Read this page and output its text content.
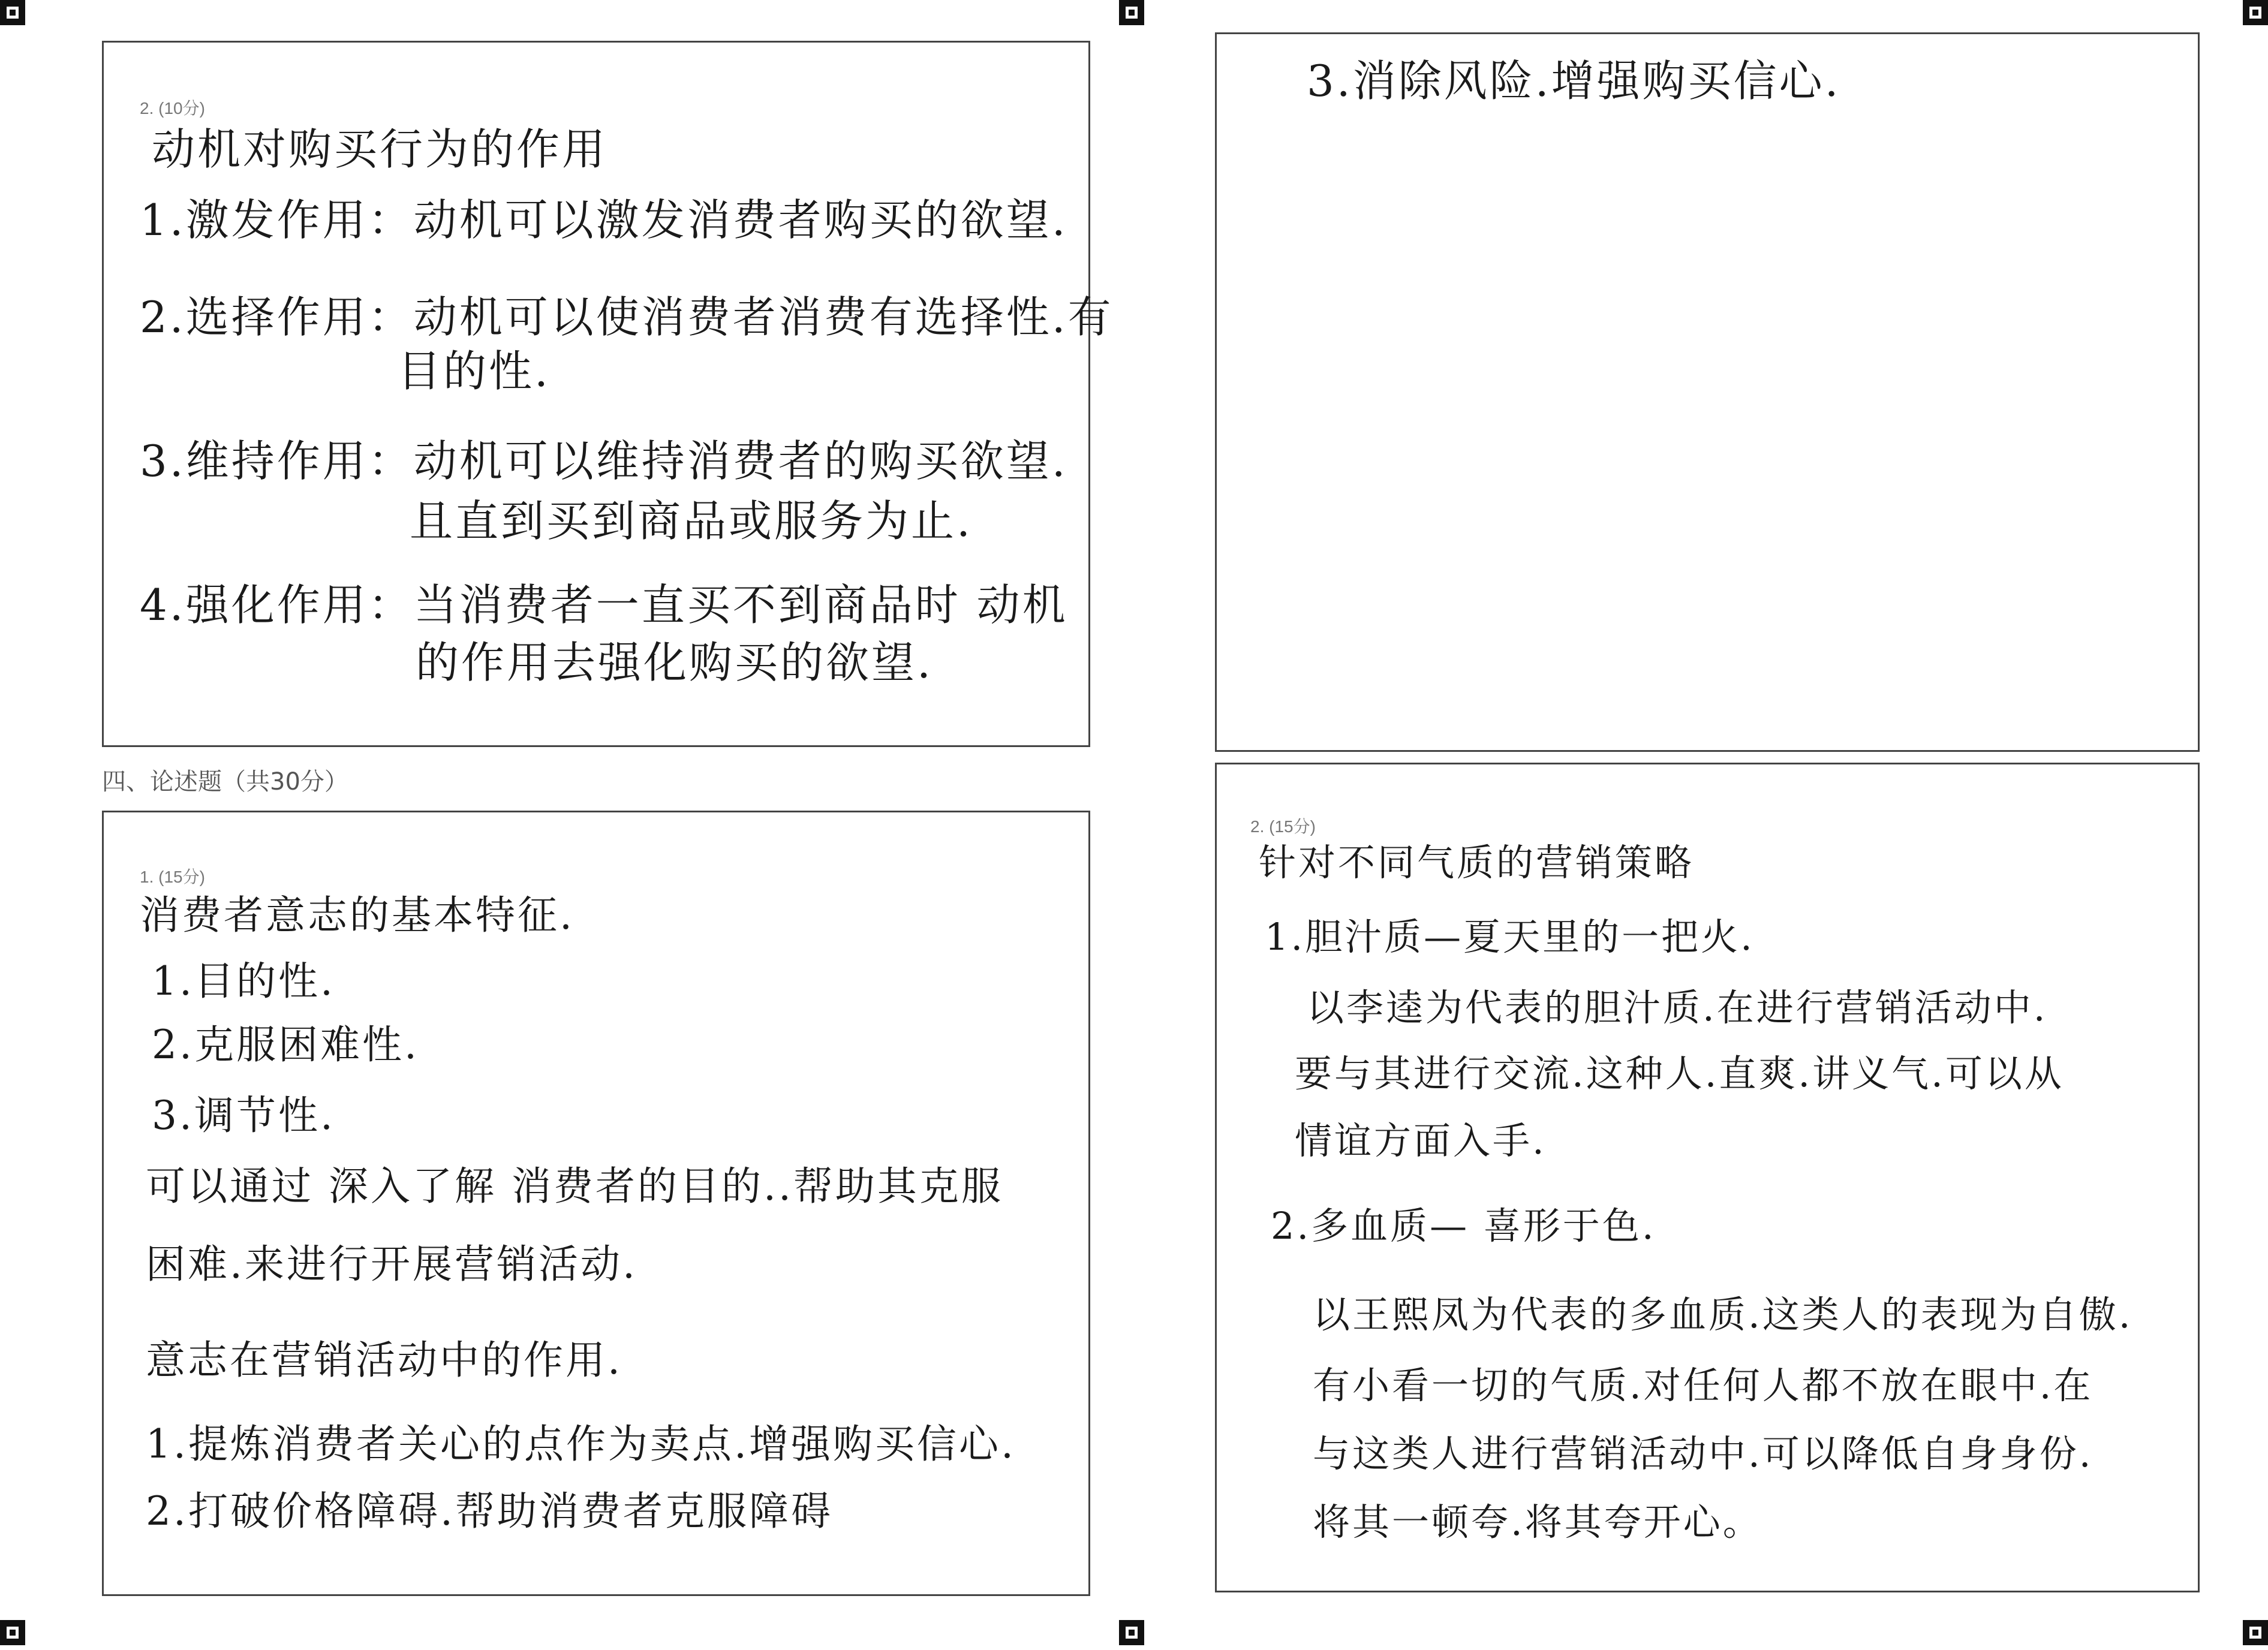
2. (10分)
动机对购买行为的作用
1.激发作用：动机可以激发消费者购买的欲望.
2.选择作用：动机可以使消费者消费有选择性.有
目的性.
3.维持作用：动机可以维持消费者的购买欲望.
且直到买到商品或服务为止.
4.强化作用：当消费者一直买不到商品时 动机
的作用去强化购买的欲望.
3.消除风险.增强购买信心.
四、论述题（共30分）
1. (15分)
消费者意志的基本特征.
1.目的性.
2.克服困难性.
3.调节性.
可以通过 深入了解 消费者的目的..帮助其克服
困难.来进行开展营销活动.
意志在营销活动中的作用.
1.提炼消费者关心的点作为卖点.增强购买信心.
2.打破价格障碍.帮助消费者克服障碍
2. (15分)
针对不同气质的营销策略
1.胆汁质—夏天里的一把火.
以李逵为代表的胆汁质.在进行营销活动中.
要与其进行交流.这种人.直爽.讲义气.可以从
情谊方面入手.
2.多血质— 喜形于色.
以王熙凤为代表的多血质.这类人的表现为自傲.
有小看一切的气质.对任何人都不放在眼中.在
与这类人进行营销活动中.可以降低自身身份.
将其一顿夸.将其夸开心。
